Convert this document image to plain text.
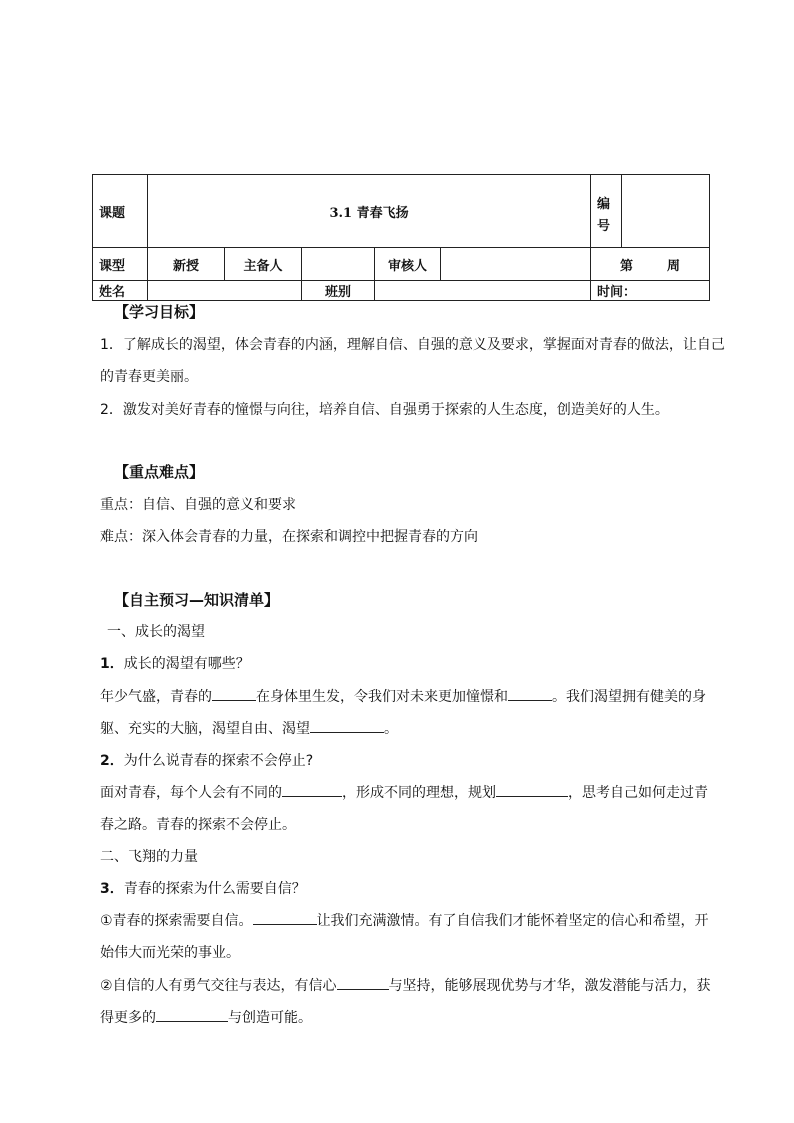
课题	3.1 青春飞扬					编
号	
课型	新授	主备人		审核人		第 周	
姓名			班别			时间：	
【学习目标】
1．了解成长的渴望，体会青春的内涵，理解自信、自强的意义及要求，掌握面对青春的做法，让自己
的青春更美丽。
2．激发对美好青春的憧憬与向往，培养自信、自强勇于探索的人生态度，创造美好的人生。
【重点难点】
重点：自信、自强的意义和要求
难点：深入体会青春的力量，在探索和调控中把握青春的方向
【自主预习—知识清单】
一、成长的渴望
1．成长的渴望有哪些？
年少气盛，青春的	在身体里生发，令我们对未来更加憧憬和	。我们渴望拥有健美的身
躯、充实的大脑，渴望自由、渴望	。
2．为什么说青春的探索不会停止?
面对青春，每个人会有不同的	，形成不同的理想，规划	，思考自己如何走过青
春之路。青春的探索不会停止。
二、飞翔的力量
3．青春的探索为什么需要自信？
①青春的探索需要自信。	让我们充满激情。有了自信我们才能怀着坚定的信心和希望，开
始伟大而光荣的事业。
②自信的人有勇气交往与表达，有信心	与坚持，能够展现优势与才华，激发潜能与活力，获
得更多的	与创造可能。
